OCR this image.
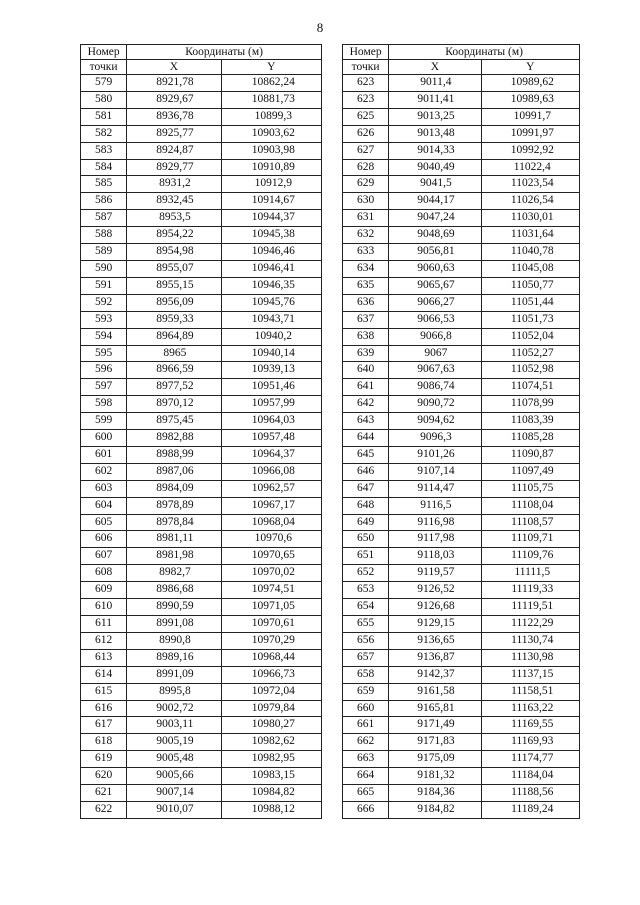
8
Номер	Координаты (м)	
точки	X	Y
579	8921,78	10862,24
580	8929,67	10881,73
581	8936,78	10899,3
582	8925,77	10903,62
583	8924,87	10903,98
584	8929,77	10910,89
585	8931,2	10912,9
586	8932,45	10914,67
587	8953,5	10944,37
588	8954,22	10945,38
589	8954,98	10946,46
590	8955,07	10946,41
591	8955,15	10946,35
592	8956,09	10945,76
593	8959,33	10943,71
594	8964,89	10940,2
595	8965	10940,14
596	8966,59	10939,13
597	8977,52	10951,46
598	8970,12	10957,99
599	8975,45	10964,03
600	8982,88	10957,48
601	8988,99	10964,37
602	8987,06	10966,08
603	8984,09	10962,57
604	8978,89	10967,17
605	8978,84	10968,04
606	8981,11	10970,6
607	8981,98	10970,65
608	8982,7	10970,02
609	8986,68	10974,51
610	8990,59	10971,05
611	8991,08	10970,61
612	8990,8	10970,29
613	8989,16	10968,44
614	8991,09	10966,73
615	8995,8	10972,04
616	9002,72	10979,84
617	9003,11	10980,27
618	9005,19	10982,62
619	9005,48	10982,95
620	9005,66	10983,15
621	9007,14	10984,82
622	9010,07	10988,12
Номер	Координаты (м)	
точки	X	Y
623	9011,4	10989,62
623	9011,41	10989,63
625	9013,25	10991,7
626	9013,48	10991,97
627	9014,33	10992,92
628	9040,49	11022,4
629	9041,5	11023,54
630	9044,17	11026,54
631	9047,24	11030,01
632	9048,69	11031,64
633	9056,81	11040,78
634	9060,63	11045,08
635	9065,67	11050,77
636	9066,27	11051,44
637	9066,53	11051,73
638	9066,8	11052,04
639	9067	11052,27
640	9067,63	11052,98
641	9086,74	11074,51
642	9090,72	11078,99
643	9094,62	11083,39
644	9096,3	11085,28
645	9101,26	11090,87
646	9107,14	11097,49
647	9114,47	11105,75
648	9116,5	11108,04
649	9116,98	11108,57
650	9117,98	11109,71
651	9118,03	11109,76
652	9119,57	11111,5
653	9126,52	11119,33
654	9126,68	11119,51
655	9129,15	11122,29
656	9136,65	11130,74
657	9136,87	11130,98
658	9142,37	11137,15
659	9161,58	11158,51
660	9165,81	11163,22
661	9171,49	11169,55
662	9171,83	11169,93
663	9175,09	11174,77
664	9181,32	11184,04
665	9184,36	11188,56
666	9184,82	11189,24
